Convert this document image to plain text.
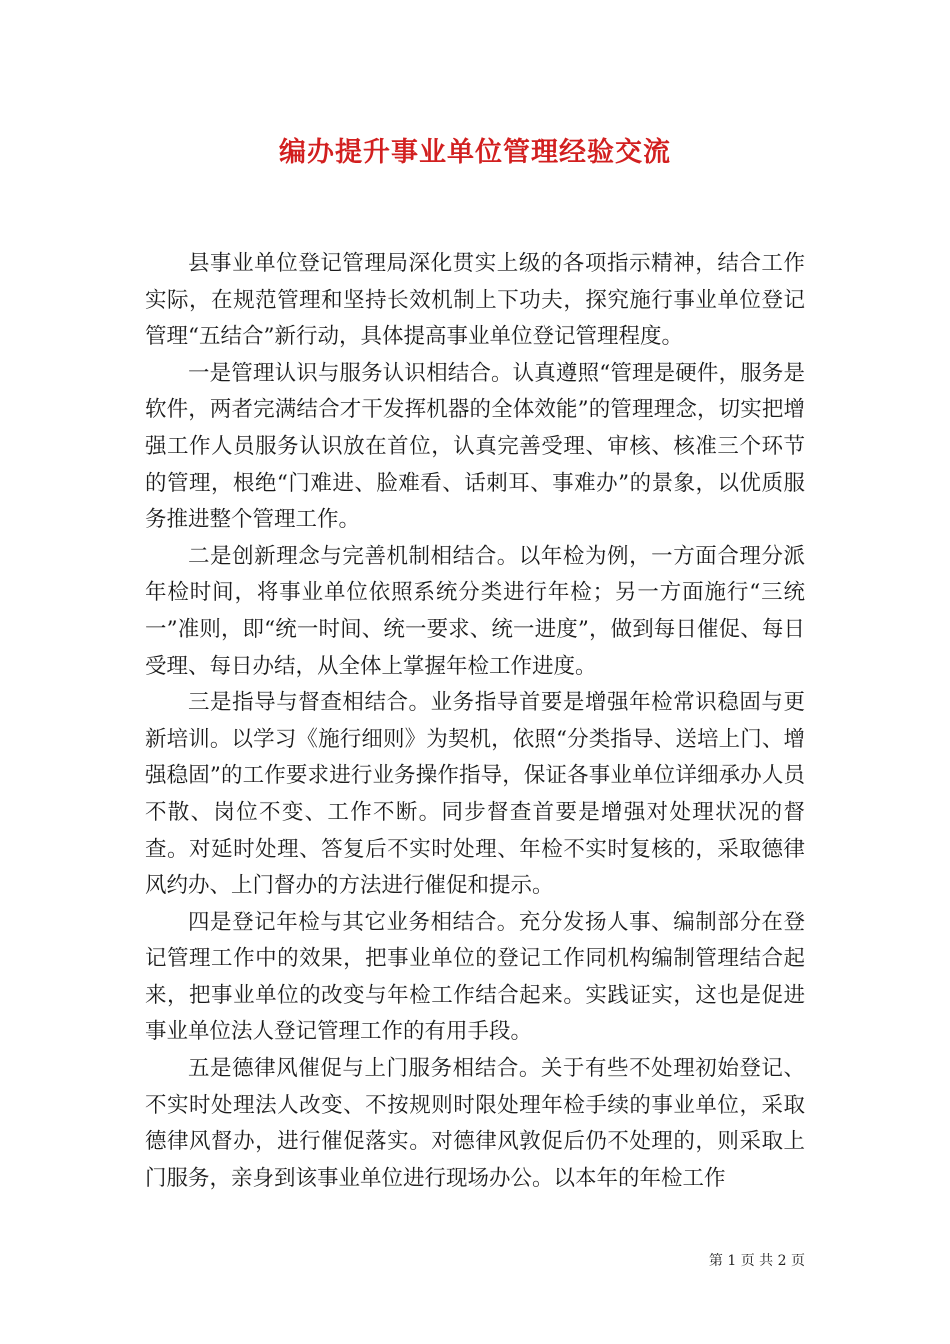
编办提升事业单位管理经验交流

县事业单位登记管理局深化贯实上级的各项指示精神，结合工作实际，在规范管理和坚持长效机制上下功夫，探究施行事业单位登记管理“五结合”新行动，具体提高事业单位登记管理程度。

一是管理认识与服务认识相结合。认真遵照“管理是硬件，服务是软件，两者完满结合才干发挥机器的全体效能”的管理理念，切实把增强工作人员服务认识放在首位，认真完善受理、审核、核准三个环节的管理，根绝“门难进、脸难看、话刺耳、事难办”的景象，以优质服务推进整个管理工作。

二是创新理念与完善机制相结合。以年检为例，一方面合理分派年检时间，将事业单位依照系统分类进行年检；另一方面施行“三统一”准则，即“统一时间、统一要求、统一进度”，做到每日催促、每日受理、每日办结，从全体上掌握年检工作进度。

三是指导与督查相结合。业务指导首要是增强年检常识稳固与更新培训。以学习《施行细则》为契机，依照“分类指导、送培上门、增强稳固”的工作要求进行业务操作指导，保证各事业单位详细承办人员不散、岗位不变、工作不断。同步督查首要是增强对处理状况的督查。对延时处理、答复后不实时处理、年检不实时复核的，采取德律风约办、上门督办的方法进行催促和提示。

四是登记年检与其它业务相结合。充分发扬人事、编制部分在登记管理工作中的效果，把事业单位的登记工作同机构编制管理结合起来，把事业单位的改变与年检工作结合起来。实践证实，这也是促进事业单位法人登记管理工作的有用手段。

五是德律风催促与上门服务相结合。关于有些不处理初始登记、不实时处理法人改变、不按规则时限处理年检手续的事业单位，采取德律风督办，进行催促落实。对德律风敦促后仍不处理的，则采取上门服务，亲身到该事业单位进行现场办公。以本年的年检工作

第 1 页 共 2 页
